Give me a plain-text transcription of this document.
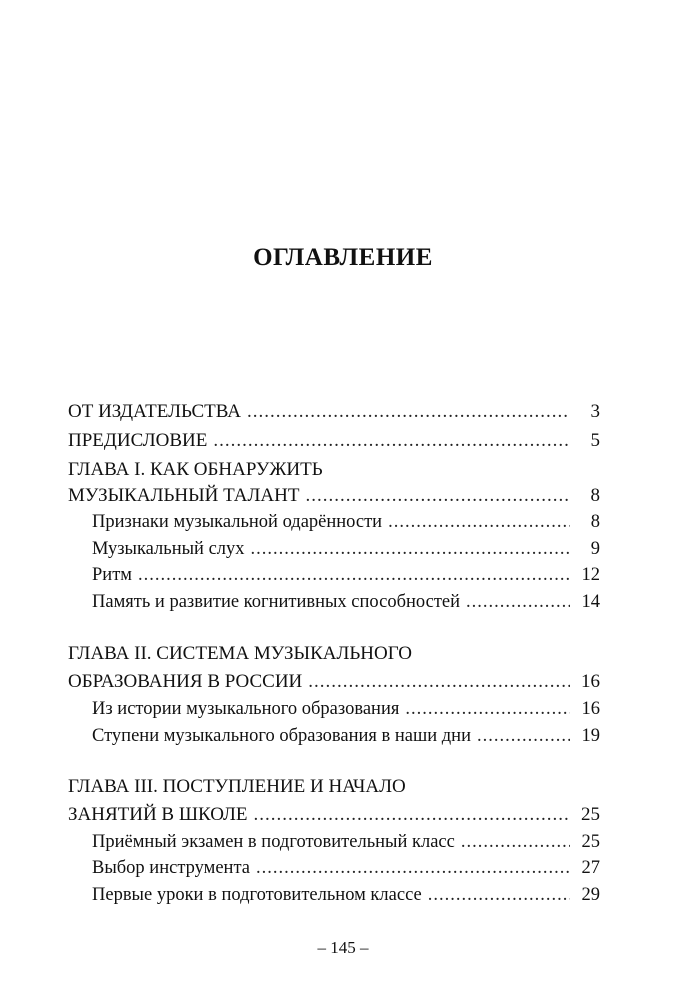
ОГЛАВЛЕНИЕ
ОТ ИЗДАТЕЛЬСТВА .....	3
ПРЕДИСЛОВИЕ .....	5
ГЛАВА I. КАК ОБНАРУЖИТЬ
МУЗЫКАЛЬНЫЙ ТАЛАНТ .....	8
Признаки музыкальной одарённости .....	8
Музыкальный слух .....	9
Ритм .....	12
Память и развитие когнитивных способностей .....	14
ГЛАВА II. СИСТЕМА МУЗЫКАЛЬНОГО
ОБРАЗОВАНИЯ В РОССИИ .....	16
Из истории музыкального образования .....	16
Ступени музыкального образования в наши дни .....	19
ГЛАВА III. ПОСТУПЛЕНИЕ И НАЧАЛО
ЗАНЯТИЙ В ШКОЛЕ .....	25
Приёмный экзамен в подготовительный класс .....	25
Выбор инструмента .....	27
Первые уроки в подготовительном классе .....	29
– 145 –
